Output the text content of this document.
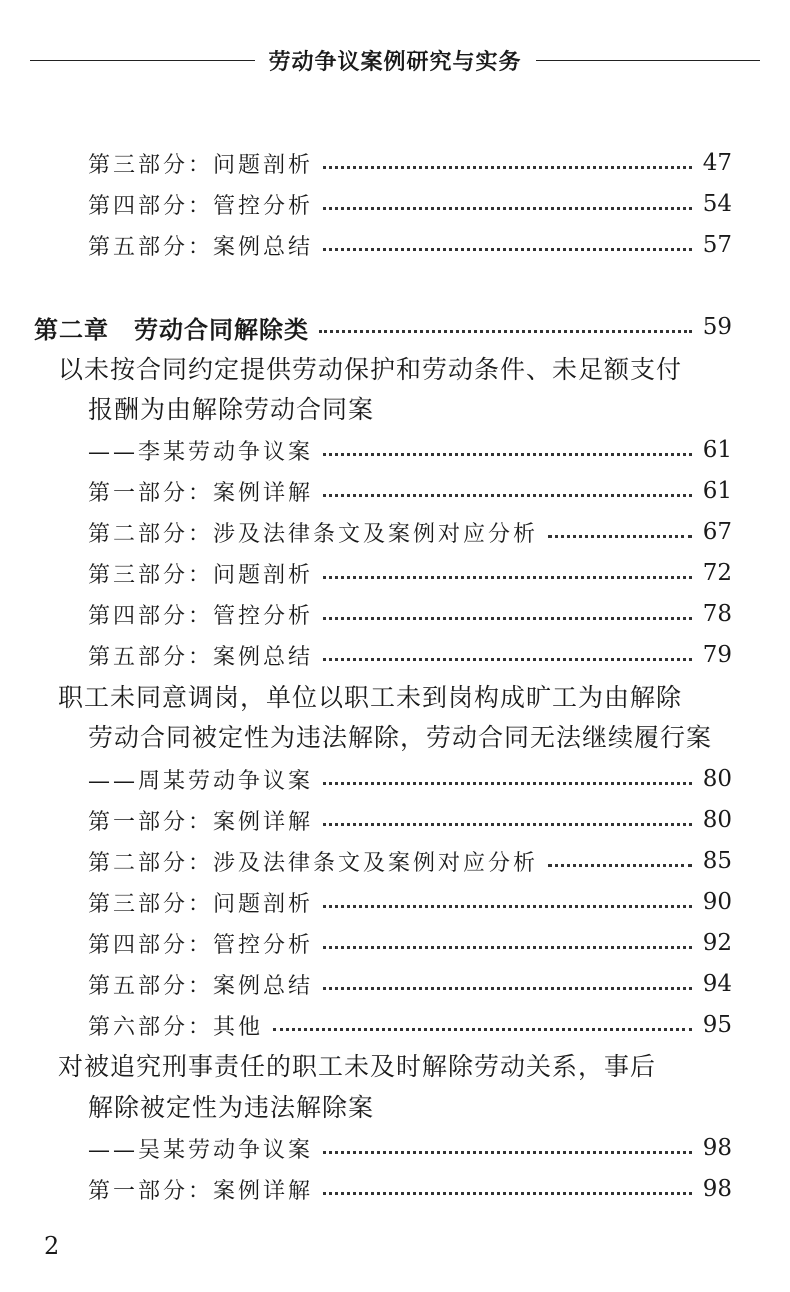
劳动争议案例研究与实务
第三部分：问题剖析	47
第四部分：管控分析	54
第五部分：案例总结	57
第二章　劳动合同解除类	59
以未按合同约定提供劳动保护和劳动条件、未足额支付
报酬为由解除劳动合同案
——李某劳动争议案	61
第一部分：案例详解	61
第二部分：涉及法律条文及案例对应分析	67
第三部分：问题剖析	72
第四部分：管控分析	78
第五部分：案例总结	79
职工未同意调岗，单位以职工未到岗构成旷工为由解除
劳动合同被定性为违法解除，劳动合同无法继续履行案
——周某劳动争议案	80
第一部分：案例详解	80
第二部分：涉及法律条文及案例对应分析	85
第三部分：问题剖析	90
第四部分：管控分析	92
第五部分：案例总结	94
第六部分：其他	95
对被追究刑事责任的职工未及时解除劳动关系，事后
解除被定性为违法解除案
——吴某劳动争议案	98
第一部分：案例详解	98
2
